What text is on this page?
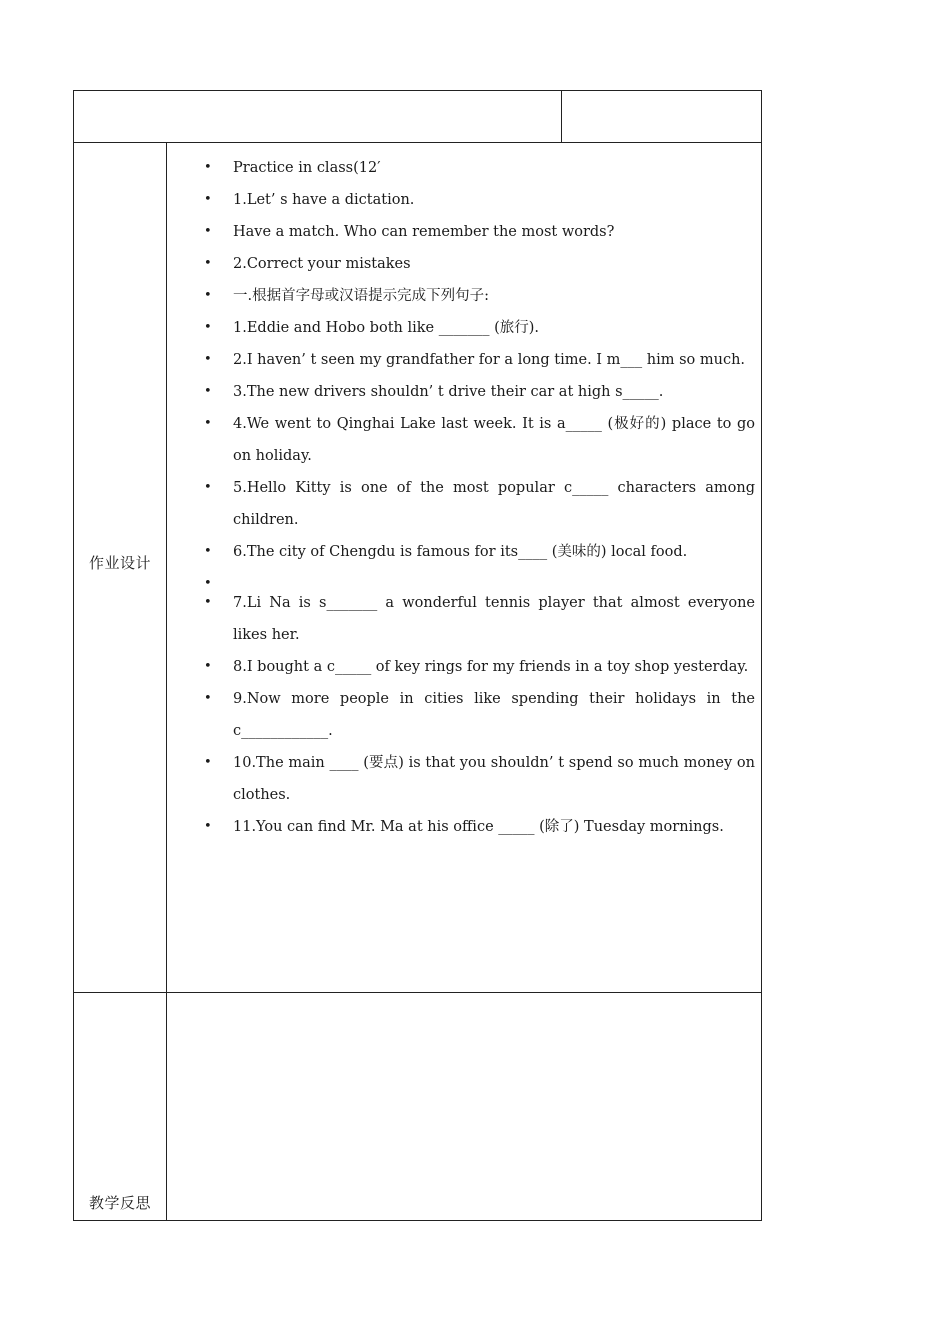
作业设计
• Practice in class(12′
• 1.Let’ s have a dictation.
• Have a match. Who can remember the most words?
• 2.Correct your mistakes
• 一.根据首字母或汉语提示完成下列句子:
• 1.Eddie and Hobo both like _______ (旅行).
• 2.I haven’ t seen my grandfather for a long time. I m___ him so much.
• 3.The new drivers shouldn’ t drive their car at high s_____.
• 4.We went to Qinghai Lake last week. It is a_____ (极好的) place to go on holiday.
• 5.Hello Kitty is one of the most popular c_____ characters among children.
• 6.The city of Chengdu is famous for its____ (美味的) local food.
•
• 7.Li Na is s_______ a wonderful tennis player that almost everyone likes her.
• 8.I bought a c_____ of key rings for my friends in a toy shop yesterday.
• 9.Now more people in cities like spending their holidays in the c____________.
• 10.The main ____ (要点) is that you shouldn’ t spend so much money on clothes.
• 11.You can find Mr. Ma at his office _____ (除了) Tuesday mornings.
教学反思
